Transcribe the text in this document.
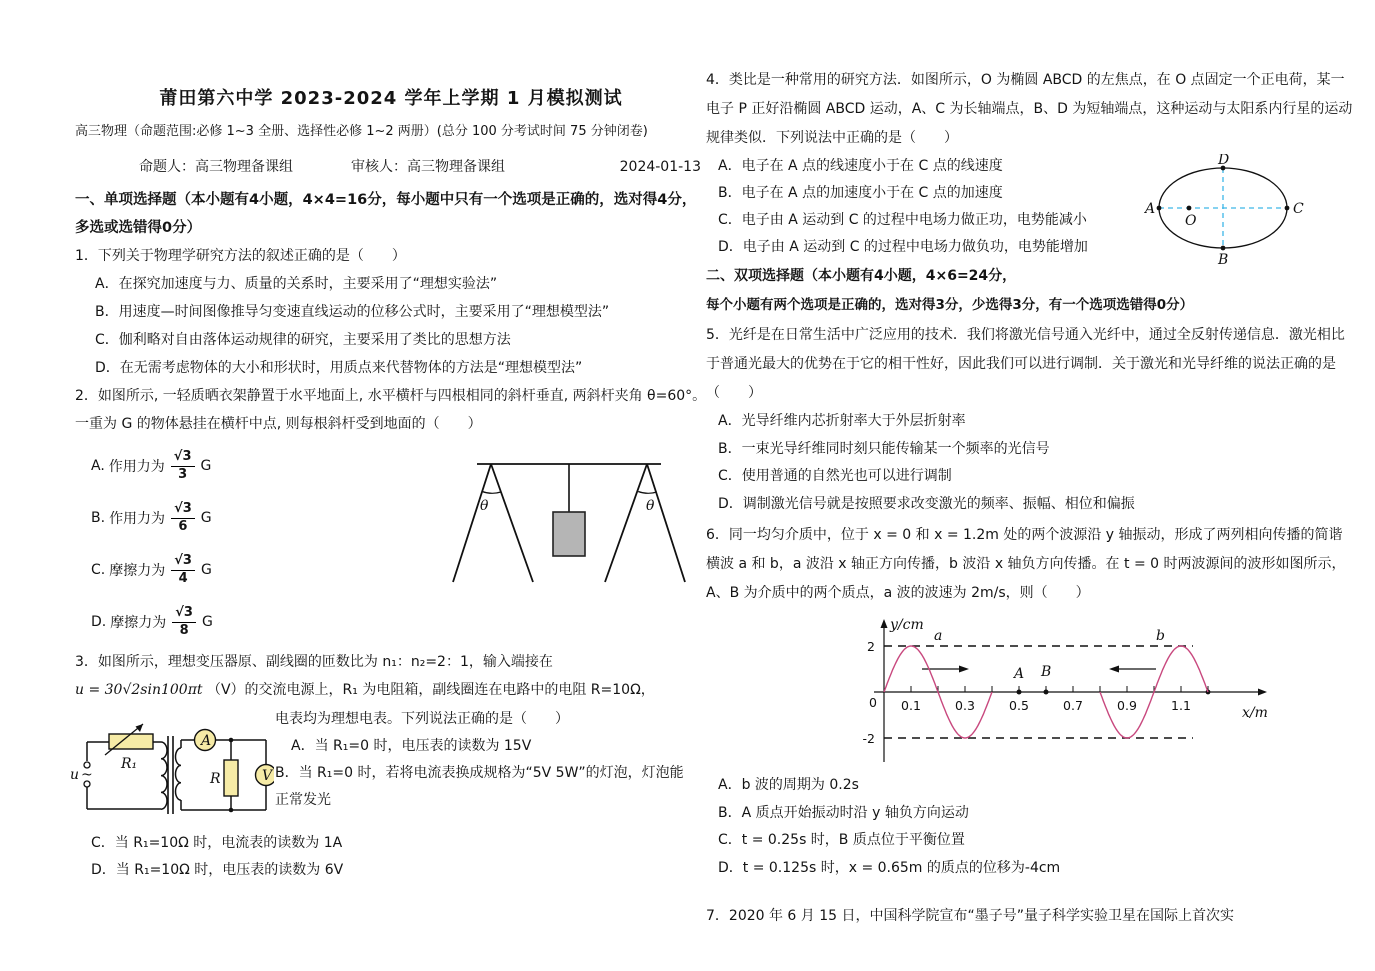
莆田第六中学 2023-2024 学年上学期 1 月模拟测试

高三物理（命题范围:必修 1~3 全册、选择性必修 1~2 两册）(总分 100 分考试时间 75 分钟闭卷)

命题人：高三物理备课组	审核人：高三物理备课组	2024-01-13

一、单项选择题（本小题有4小题，4×4=16分，每小题中只有一个选项是正确的，选对得4分，多选或选错得0分）

1．下列关于物理学研究方法的叙述正确的是（　　）

A．在探究加速度与力、质量的关系时，主要采用了“理想实验法”

B．用速度—时间图像推导匀变速直线运动的位移公式时，主要采用了“理想模型法”

C．伽利略对自由落体运动规律的研究，主要采用了类比的思想方法

D．在无需考虑物体的大小和形状时，用质点来代替物体的方法是“理想模型法”

2．如图所示, 一轻质晒衣架静置于水平地面上, 水平横杆与四根相同的斜杆垂直, 两斜杆夹角 θ=60°。一重为 G 的物体悬挂在横杆中点, 则每根斜杆受到地面的（　　）

A. 作用力为 $\frac{√3}{3}$ G
B. 作用力为 $\frac{√3}{6}$ G
C. 摩擦力为 $\frac{√3}{4}$ G
D. 摩擦力为 $\frac{√3}{8}$ G
θ	θ

3．如图所示，理想变压器原、副线圈的匝数比为 n₁：n₂=2：1，输入端接在

u = 30√2sin100πt （V）的交流电源上，R₁ 为电阻箱，副线圈连在电路中的电阻 R=10Ω，

R₁
u ~
A
R	V

电表均为理想电表。下列说法正确的是（　　）

A．当 R₁=0 时，电压表的读数为 15V

B．当 R₁=0 时，若将电流表换成规格为“5V 5W”的灯泡，灯泡能

正常发光

C．当 R₁=10Ω 时，电流表的读数为 1A

D．当 R₁=10Ω 时，电压表的读数为 6V

4．类比是一种常用的研究方法．如图所示，O 为椭圆 ABCD 的左焦点，在 O 点固定一个正电荷，某一电子 P 正好沿椭圆 ABCD 运动，A、C 为长轴端点，B、D 为短轴端点，这种运动与太阳系内行星的运动规律类似．下列说法中正确的是（　　）

A．电子在 A 点的线速度小于在 C 点的线速度

B．电子在 A 点的加速度小于在 C 点的加速度

C．电子由 A 运动到 C 的过程中电场力做正功，电势能减小

D．电子由 A 运动到 C 的过程中电场力做负功，电势能增加

A	C
D
B
O

二、双项选择题（本小题有4小题，4×6=24分，

每个小题有两个选项是正确的，选对得3分，少选得3分，有一个选项选错得0分）

5．光纤是在日常生活中广泛应用的技术．我们将激光信号通入光纤中，通过全反射传递信息．激光相比于普通光最大的优势在于它的相干性好，因此我们可以进行调制．关于激光和光导纤维的说法正确的是（　　）

A．光导纤维内芯折射率大于外层折射率

B．一束光导纤维同时刻只能传输某一个频率的光信号

C．使用普通的自然光也可以进行调制

D．调制激光信号就是按照要求改变激光的频率、振幅、相位和偏振

6．同一均匀介质中，位于 x = 0 和 x = 1.2m 处的两个波源沿 y 轴振动，形成了两列相向传播的简谐横波 a 和 b，a 波沿 x 轴正方向传播，b 波沿 x 轴负方向传播。在 t = 0 时两波源间的波形如图所示，A、B 为介质中的两个质点，a 波的波速为 2m/s，则（　　）

y/cm
x/m
2
0
-2
0.1	0.3	0.5	0.7	0.9	1.1
a	b
A B

A．b 波的周期为 0.2s

B．A 质点开始振动时沿 y 轴负方向运动

C．t = 0.25s 时，B 质点位于平衡位置

D．t = 0.125s 时，x = 0.65m 的质点的位移为-4cm

7．2020 年 6 月 15 日，中国科学院宣布“墨子号”量子科学实验卫星在国际上首次实
